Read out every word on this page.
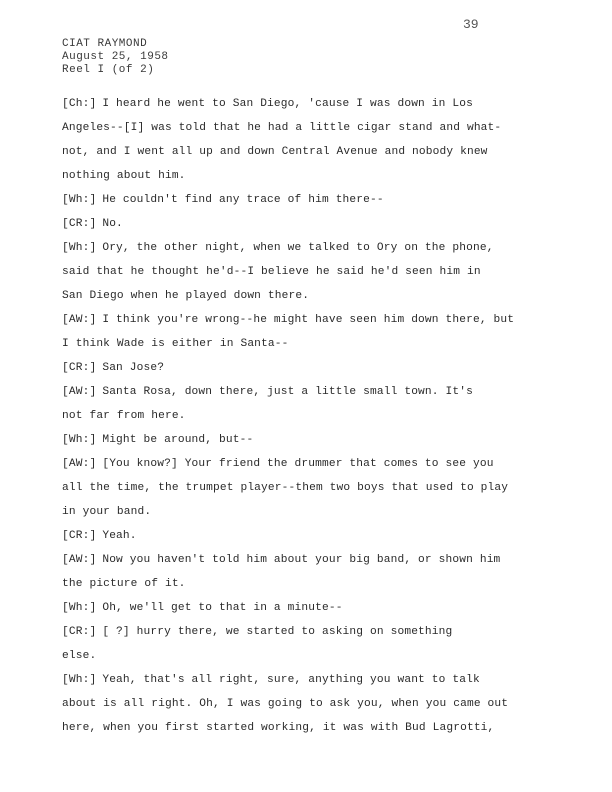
39
CIAT RAYMOND
August 25, 1958
Reel I (of 2)
[Ch:] I heard he went to San Diego, 'cause I was down in Los
Angeles--[I] was told that he had a little cigar stand and what-
not, and I went all up and down Central Avenue and nobody knew
nothing about him.
[Wh:] He couldn't find any trace of him there--
[CR:] No.
[Wh:] Ory, the other night, when we talked to Ory on the phone,
said that he thought he'd--I believe he said he'd seen him in
San Diego when he played down there.
[AW:] I think you're wrong--he might have seen him down there, but
I think Wade is either in Santa--
[CR:] San Jose?
[AW:] Santa Rosa, down there, just a little small town. It's
not far from here.
[Wh:] Might be around, but--
[AW:] [You know?] Your friend the drummer that comes to see you
all the time, the trumpet player--them two boys that used to play
in your band.
[CR:] Yeah.
[AW:] Now you haven't told him about your big band, or shown him
the picture of it.
[Wh:] Oh, we'll get to that in a minute--
[CR:] [ ?] hurry there, we started to asking on something
else.
[Wh:] Yeah, that's all right, sure, anything you want to talk
about is all right. Oh, I was going to ask you, when you came out
here, when you first started working, it was with Bud Lagrotti,
